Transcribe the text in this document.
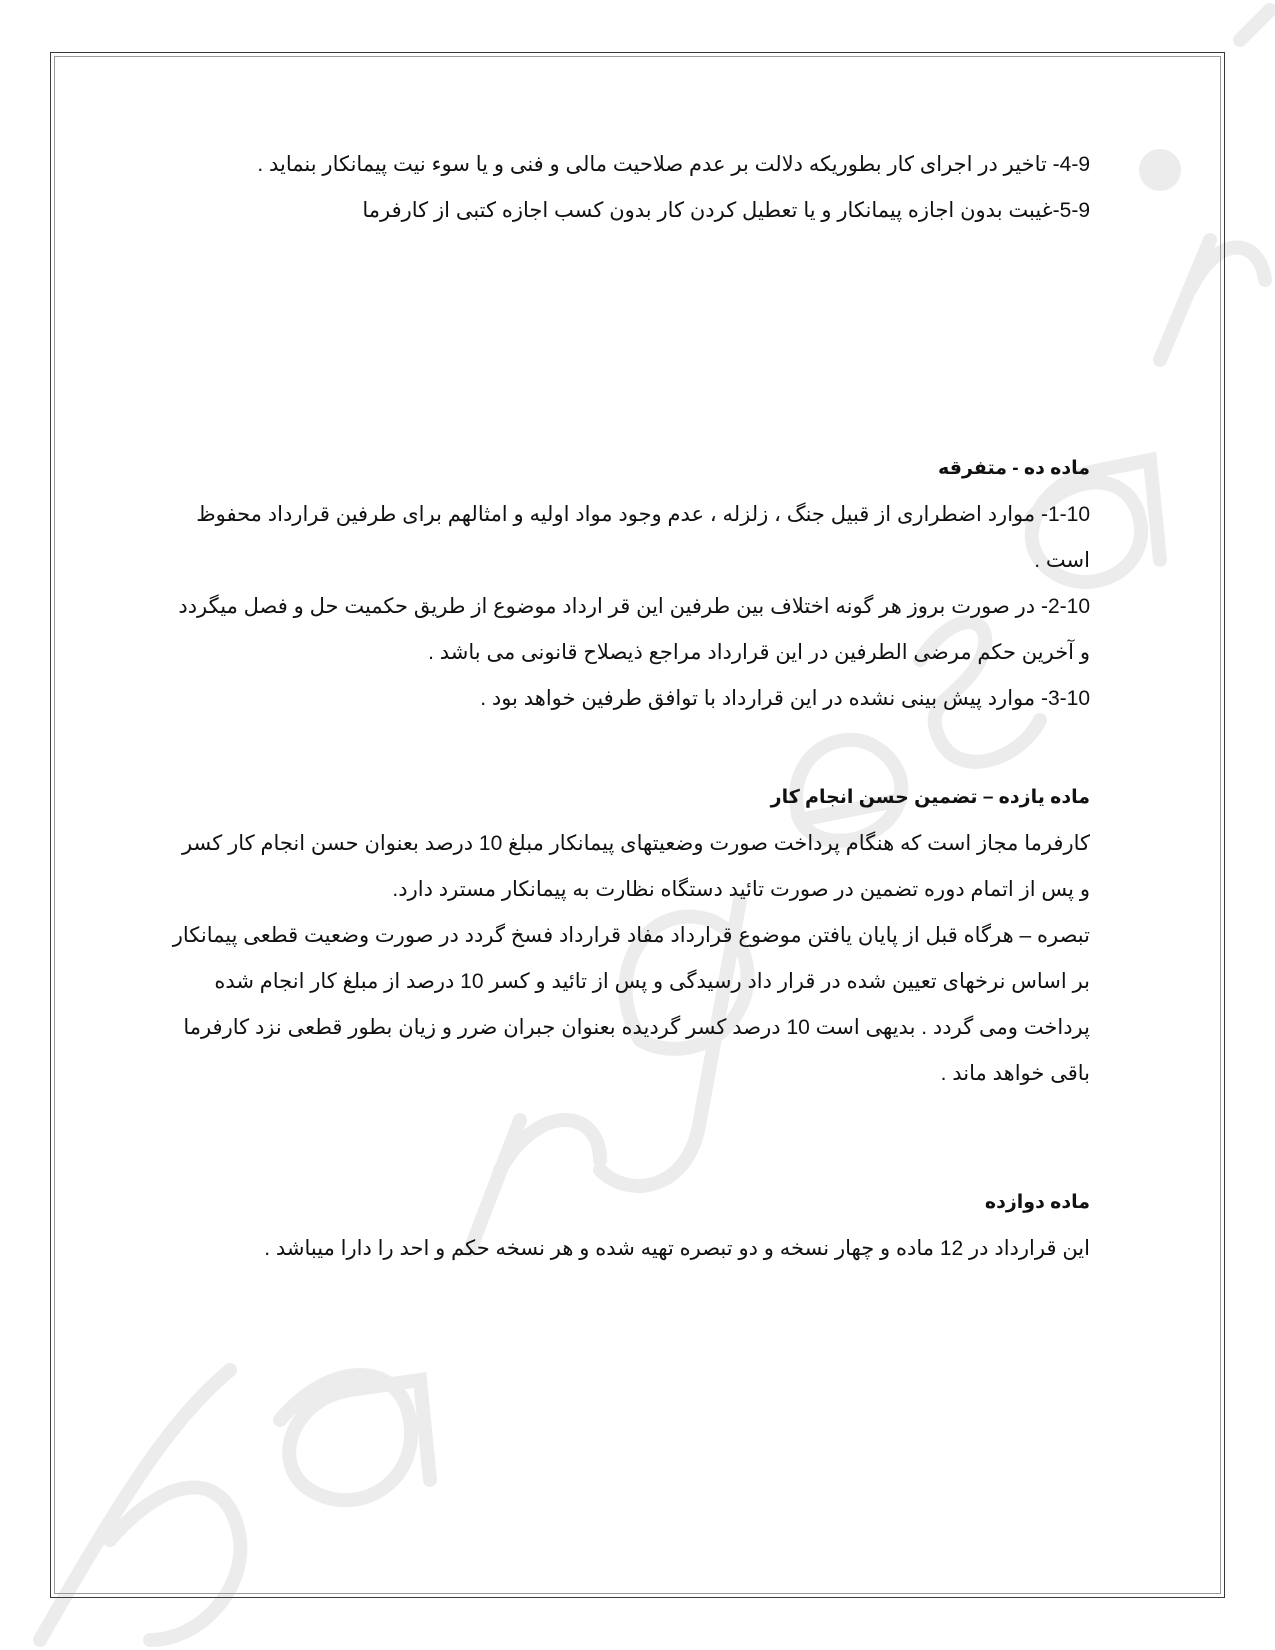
4-9- تاخیر در اجرای کار بطوریکه دلالت بر عدم صلاحیت مالی و فنی و یا سوء نیت پیمانکار بنماید .

5-9-غیبت بدون اجازه پیمانکار و یا تعطیل کردن کار بدون کسب اجازه کتبی از کارفرما

ماده ده - متفرقه

1-10- موارد اضطراری از قبیل جنگ ، زلزله ، عدم وجود مواد اولیه و امثالهم برای طرفین قرارداد محفوظ است .

2-10- در صورت بروز هر گونه اختلاف بین طرفین این قر ارداد موضوع از طریق حکمیت حل و فصل میگردد و آخرین حکم مرضی الطرفین در این قرارداد مراجع ذیصلاح قانونی می باشد .

3-10- موارد پیش بینی نشده در این قرارداد با توافق طرفین خواهد بود .

ماده یازده – تضمین حسن انجام کار

کارفرما مجاز است که هنگام پرداخت صورت وضعیتهای پیمانکار مبلغ 10 درصد بعنوان حسن انجام کار کسر و پس از اتمام دوره تضمین در صورت تائید دستگاه نظارت به پیمانکار مسترد دارد.

تبصره – هرگاه قبل از پایان یافتن موضوع قرارداد مفاد قرارداد فسخ گردد در صورت وضعیت قطعی پیمانکار بر اساس نرخهای تعیین شده در قرار داد رسیدگی و پس از تائید و کسر 10 درصد از مبلغ کار انجام شده پرداخت ومی گردد . بدیهی است 10 درصد کسر گردیده بعنوان جبران ضرر و زیان بطور قطعی نزد کارفرما باقی خواهد ماند .

ماده دوازده

این قرارداد در 12 ماده و چهار نسخه و دو تبصره تهیه شده و هر نسخه حکم و احد را دارا میباشد .
